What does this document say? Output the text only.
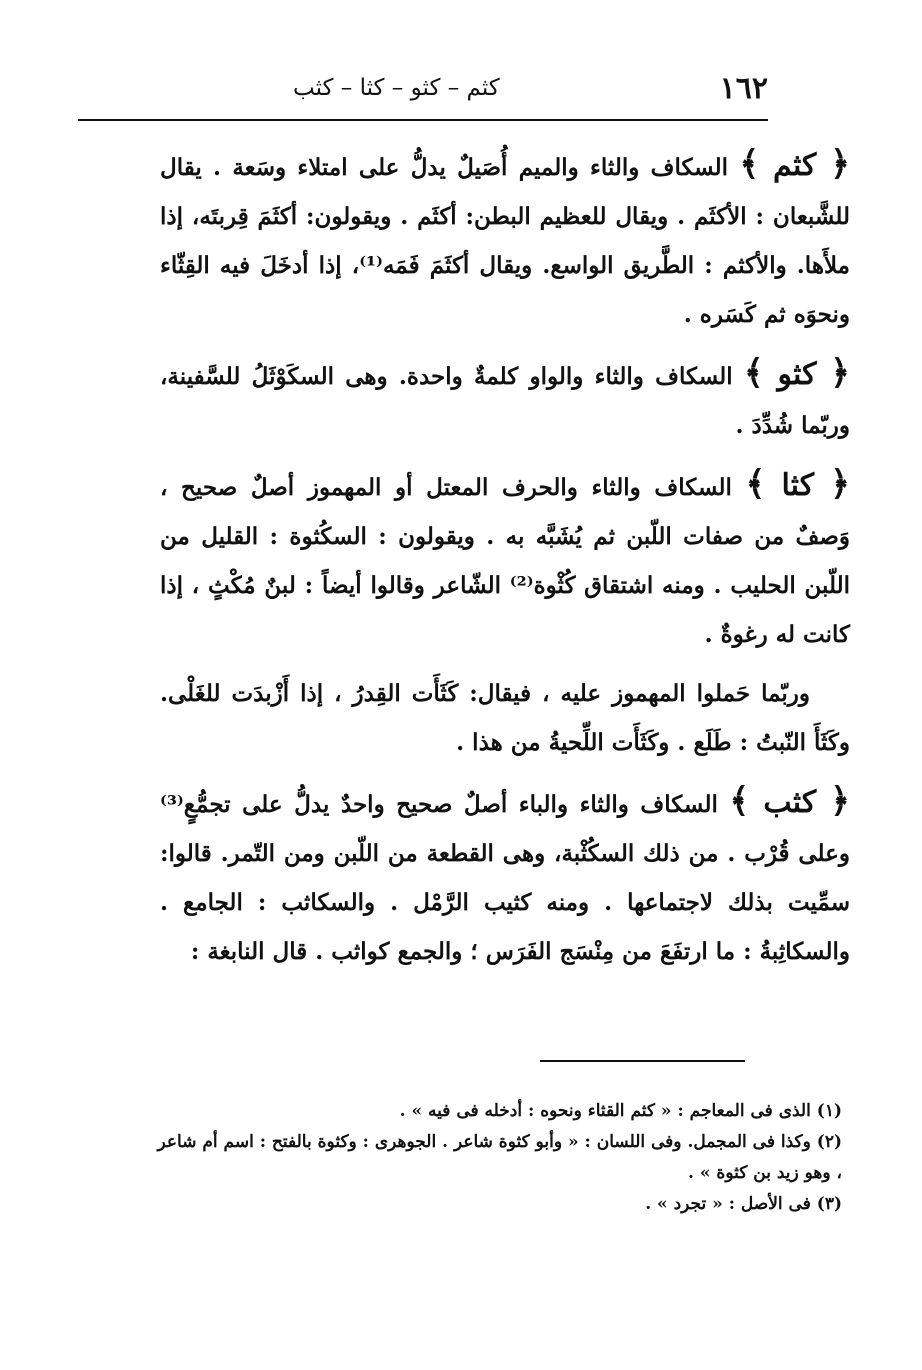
١٦٢
كثم – كثو – كثا – كثب

﴿ كثم ﴾ السكاف والثاء والميم أُصَيلٌ يدلُّ على امتلاء وسَعة . يقال للشَّبعان : الأكثَم . ويقال للعظيم البطن: أكثَم . ويقولون: أكثَمَ قِربتَه، إذا ملأَها. والأكثم : الطَّريق الواسع. ويقال أكثَمَ فَمَه⁽¹⁾، إذا أدخَلَ فيه القِثّاء ونحوَه ثم كَسَره .

﴿ كثو ﴾ السكاف والثاء والواو كلمةٌ واحدة. وهى السكَوْثَلُ للسَّفينة، وربّما شُدِّدَ .

﴿ كثا ﴾ السكاف والثاء والحرف المعتل أو المهموز أصلٌ صحيح ، وَصفٌ من صفات اللّبن ثم يُشَبَّه به . ويقولون : السكُثوة : القليل من اللّبن الحليب . ومنه اشتقاق كُثْوة⁽²⁾ الشّاعر وقالوا أيضاً : لبنٌ مُكْثٍ ، إذا كانت له رغوةٌ .

وربّما حَملوا المهموز عليه ، فيقال: كَثَأَت القِدرُ ، إذا أَزْبدَت للغَلْى. وكَثَأَ النّبتُ : طَلَع . وكَثَأَت اللِّحيةُ من هذا .

﴿ كثب ﴾ السكاف والثاء والباء أصلٌ صحيح واحدٌ يدلُّ على تجمُّعٍ⁽³⁾ وعلى قُرْب . من ذلك السكُثْبة، وهى القطعة من اللّبن ومن التّمر. قالوا: سمِّيت بذلك لاجتماعها . ومنه كثيب الرَّمْل . والسكاثب : الجامع . والسكاثِبةُ : ما ارتفَعَ من مِنْسَج الفَرَس ؛ والجمع كواثب . قال النابغة :

(١) الذى فى المعاجم : « كثم القثاء ونحوه : أدخله فى فيه » .

(٢) وكذا فى المجمل. وفى اللسان : « وأبو كثوة شاعر . الجوهرى : وكثوة بالفتح : اسم أم شاعر ، وهو زيد بن كثوة » .

(٣) فى الأصل : « تجرد » .
